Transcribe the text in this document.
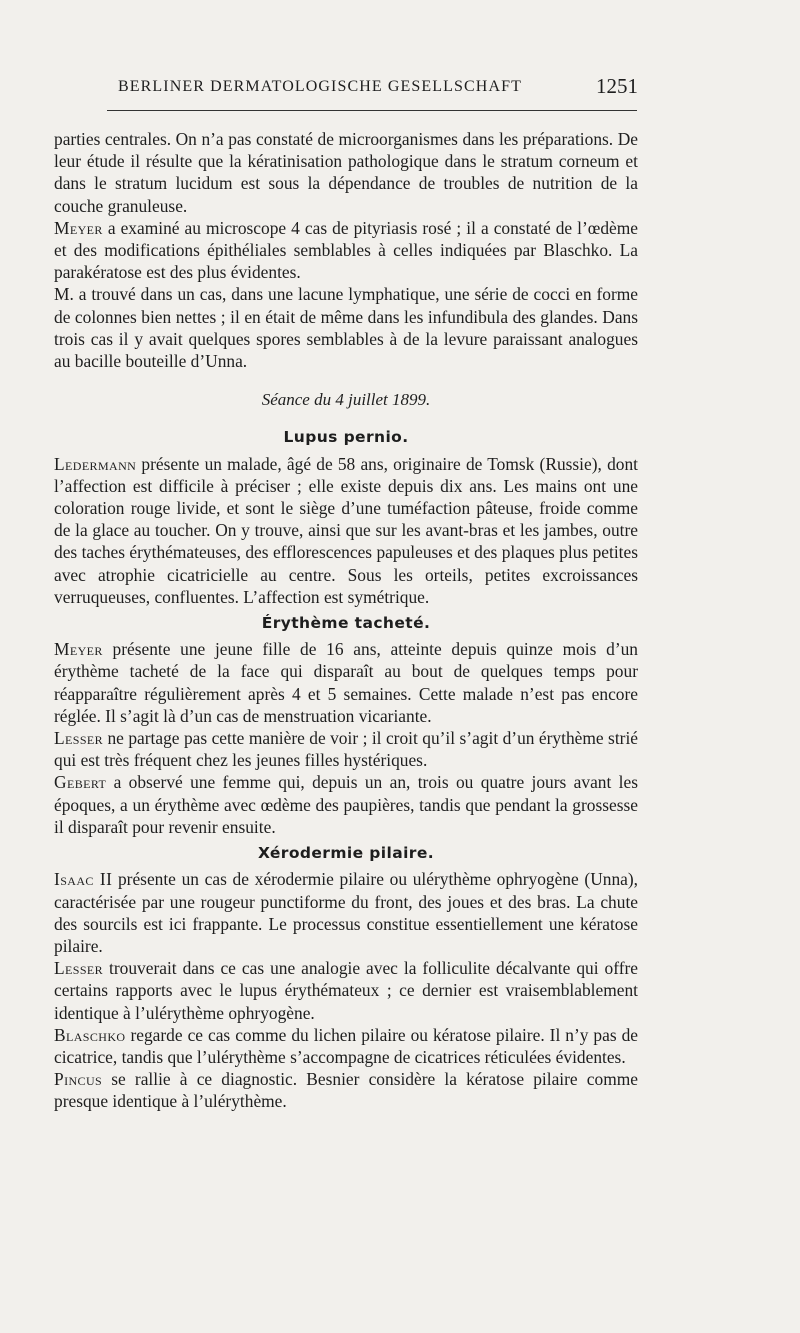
BERLINER DERMATOLOGISCHE GESELLSCHAFT	1251

parties centrales. On n’a pas constaté de microorganismes dans les préparations. De leur étude il résulte que la kératinisation pathologique dans le stratum corneum et dans le stratum lucidum est sous la dépendance de troubles de nutrition de la couche granuleuse.

Meyer a examiné au microscope 4 cas de pityriasis rosé ; il a constaté de l’œdème et des modifications épithéliales semblables à celles indiquées par Blaschko. La parakératose est des plus évidentes.

M. a trouvé dans un cas, dans une lacune lymphatique, une série de cocci en forme de colonnes bien nettes ; il en était de même dans les infundibula des glandes. Dans trois cas il y avait quelques spores semblables à de la levure paraissant analogues au bacille bouteille d’Unna.

Séance du 4 juillet 1899.

Lupus pernio.

Ledermann présente un malade, âgé de 58 ans, originaire de Tomsk (Russie), dont l’affection est difficile à préciser ; elle existe depuis dix ans. Les mains ont une coloration rouge livide, et sont le siège d’une tuméfaction pâteuse, froide comme de la glace au toucher. On y trouve, ainsi que sur les avant-bras et les jambes, outre des taches érythémateuses, des efflorescences papuleuses et des plaques plus petites avec atrophie cicatricielle au centre. Sous les orteils, petites excroissances verruqueuses, confluentes. L’affection est symétrique.

Érythème tacheté.

Meyer présente une jeune fille de 16 ans, atteinte depuis quinze mois d’un érythème tacheté de la face qui disparaît au bout de quelques temps pour réapparaître régulièrement après 4 et 5 semaines. Cette malade n’est pas encore réglée. Il s’agit là d’un cas de menstruation vicariante.

Lesser ne partage pas cette manière de voir ; il croit qu’il s’agit d’un érythème strié qui est très fréquent chez les jeunes filles hystériques.

Gebert a observé une femme qui, depuis un an, trois ou quatre jours avant les époques, a un érythème avec œdème des paupières, tandis que pendant la grossesse il disparaît pour revenir ensuite.

Xérodermie pilaire.

Isaac II présente un cas de xérodermie pilaire ou ulérythème ophryogène (Unna), caractérisée par une rougeur punctiforme du front, des joues et des bras. La chute des sourcils est ici frappante. Le processus constitue essentiellement une kératose pilaire.

Lesser trouverait dans ce cas une analogie avec la folliculite décalvante qui offre certains rapports avec le lupus érythémateux ; ce dernier est vraisemblablement identique à l’ulérythème ophryogène.

Blaschko regarde ce cas comme du lichen pilaire ou kératose pilaire. Il n’y pas de cicatrice, tandis que l’ulérythème s’accompagne de cicatrices réticulées évidentes.

Pincus se rallie à ce diagnostic. Besnier considère la kératose pilaire comme presque identique à l’ulérythème.
